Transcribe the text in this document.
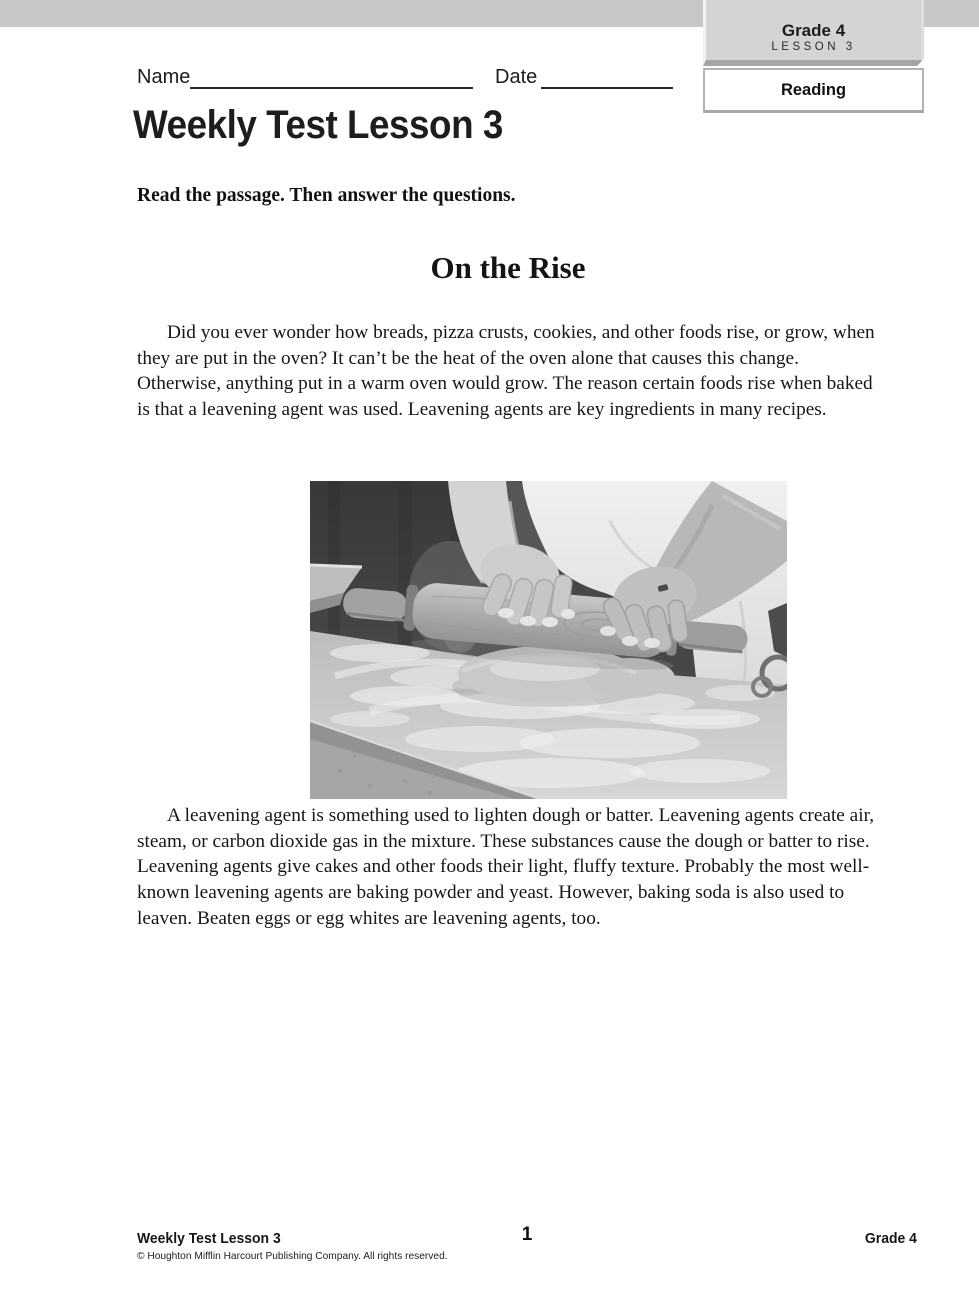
Grade 4
LESSON 3
Reading
Name	Date
Weekly Test Lesson 3
Read the passage. Then answer the questions.
On the Rise

Did you ever wonder how breads, pizza crusts, cookies, and other foods rise, or grow, when they are put in the oven? It can’t be the heat of the oven alone that causes this change. Otherwise, anything put in a warm oven would grow. The reason certain foods rise when baked is that a leavening agent was used. Leavening agents are key ingredients in many recipes.

A leavening agent is something used to lighten dough or batter. Leavening agents create air, steam, or carbon dioxide gas in the mixture. These substances cause the dough or batter to rise. Leavening agents give cakes and other foods their light, fluffy texture. Probably the most well-known leavening agents are baking powder and yeast. However, baking soda is also used to leaven. Beaten eggs or egg whites are leavening agents, too.

Weekly Test Lesson 3
© Houghton Mifflin Harcourt Publishing Company. All rights reserved.
1	Grade 4
